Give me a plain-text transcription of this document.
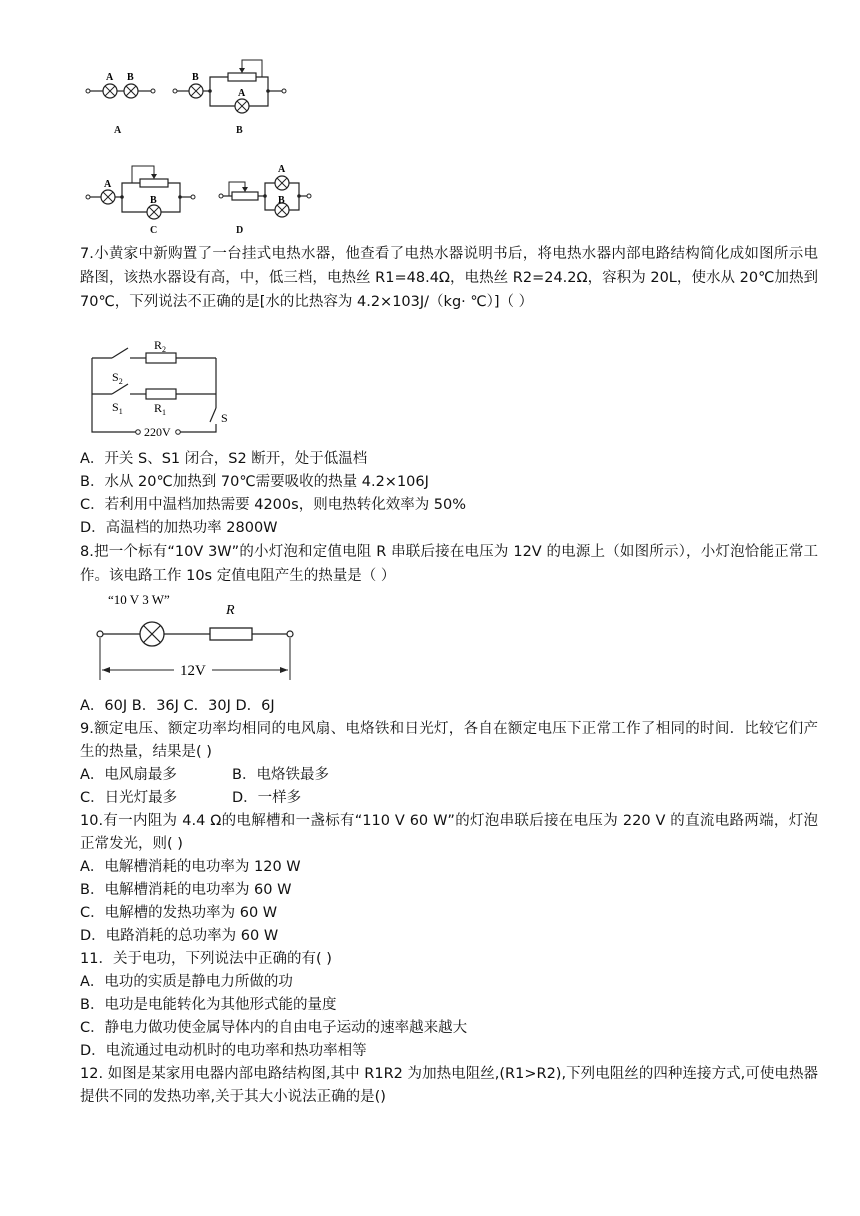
A B
A
B
A
B
A
B
C
A
B
D
7.小黄家中新购置了一台挂式电热水器，他查看了电热水器说明书后，将电热水器内部电路结构简化成如图所示电路图，该热水器设有高，中，低三档，电热丝 R1=48.4Ω，电热丝 R2=24.2Ω，容积为 20L，使水从 20℃加热到 70℃，下列说法不正确的是[水的比热容为 4.2×103J/（kg· ℃）]（ ）
$R_2$
$R_1$
$S_2$
$S_1$	S
220V
A．开关 S、S1 闭合，S2 断开，处于低温档
B．水从 20℃加热到 70℃需要吸收的热量 4.2×106J
C．若利用中温档加热需要 4200s，则电热转化效率为 50%
D．高温档的加热功率 2800W
8.把一个标有“10V 3W”的小灯泡和定值电阻 R 串联后接在电压为 12V 的电源上（如图所示），小灯泡恰能正常工作。该电路工作 10s 定值电阻产生的热量是（ ）
“10 V 3 W”
R
12V
A．60J B．36J C．30J D．6J
9.额定电压、额定功率均相同的电风扇、电烙铁和日光灯，各自在额定电压下正常工作了相同的时间．比较它们产生的热量，结果是( )
A．电风扇最多	B．电烙铁最多
C．日光灯最多	D．一样多
10.有一内阻为 4.4 Ω的电解槽和一盏标有“110 V 60 W”的灯泡串联后接在电压为 220 V 的直流电路两端，灯泡正常发光，则( )
A．电解槽消耗的电功率为 120 W
B．电解槽消耗的电功率为 60 W
C．电解槽的发热功率为 60 W
D．电路消耗的总功率为 60 W
11．关于电功，下列说法中正确的有( )
A．电功的实质是静电力所做的功
B．电功是电能转化为其他形式能的量度
C．静电力做功使金属导体内的自由电子运动的速率越来越大
D．电流通过电动机时的电功率和热功率相等
12. 如图是某家用电器内部电路结构图,其中 R1R2 为加热电阻丝,(R1>R2),下列电阻丝的四种连接方式,可使电热器提供不同的发热功率,关于其大小说法正确的是()
